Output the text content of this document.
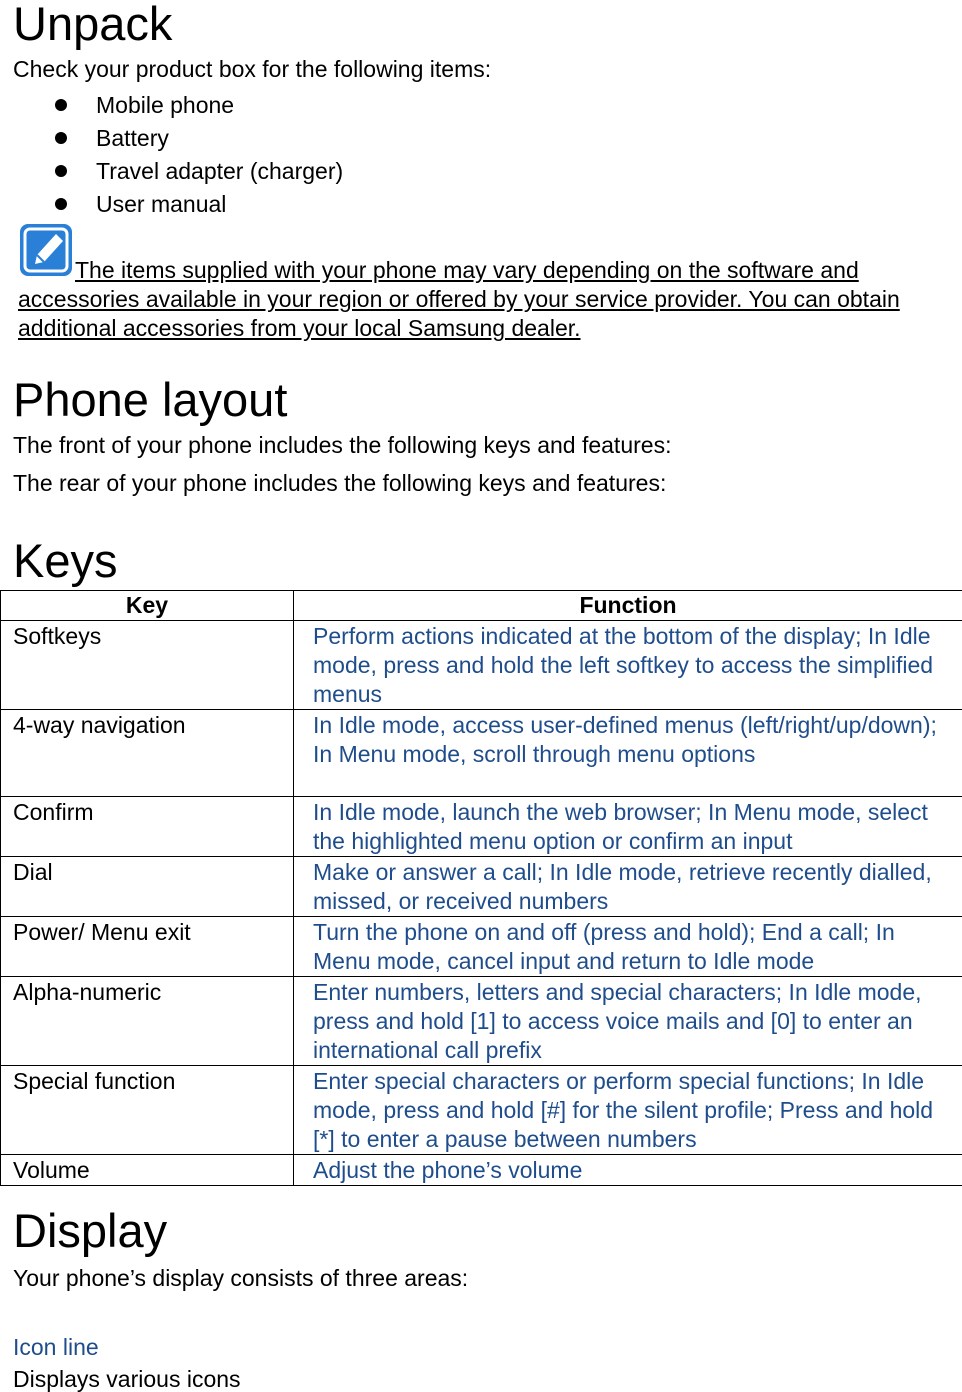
Unpack

Check your product box for the following items:

Mobile phone
Battery
Travel adapter (charger)
User manual
The items supplied with your phone may vary depending on the software and accessories available in your region or offered by your service provider. You can obtain additional accessories from your local Samsung dealer.
Phone layout

The front of your phone includes the following keys and features:

The rear of your phone includes the following keys and features:

Keys
Key	Function
Softkeys	Perform actions indicated at the bottom of the display; In Idle mode, press and hold the left softkey to access the simplified menus
4-way navigation	In Idle mode, access user-defined menus (left/right/up/down); In Menu mode, scroll through menu options
Confirm	In Idle mode, launch the web browser; In Menu mode, select the highlighted menu option or confirm an input
Dial	Make or answer a call; In Idle mode, retrieve recently dialled, missed, or received numbers
Power/ Menu exit	Turn the phone on and off (press and hold); End a call; In Menu mode, cancel input and return to Idle mode
Alpha-numeric	Enter numbers, letters and special characters; In Idle mode, press and hold [1] to access voice mails and [0] to enter an international call prefix
Special function	Enter special characters or perform special functions; In Idle mode, press and hold [#] for the silent profile; Press and hold [*] to enter a pause between numbers
Volume	Adjust the phone’s volume
Display

Your phone’s display consists of three areas:

Icon line

Displays various icons
